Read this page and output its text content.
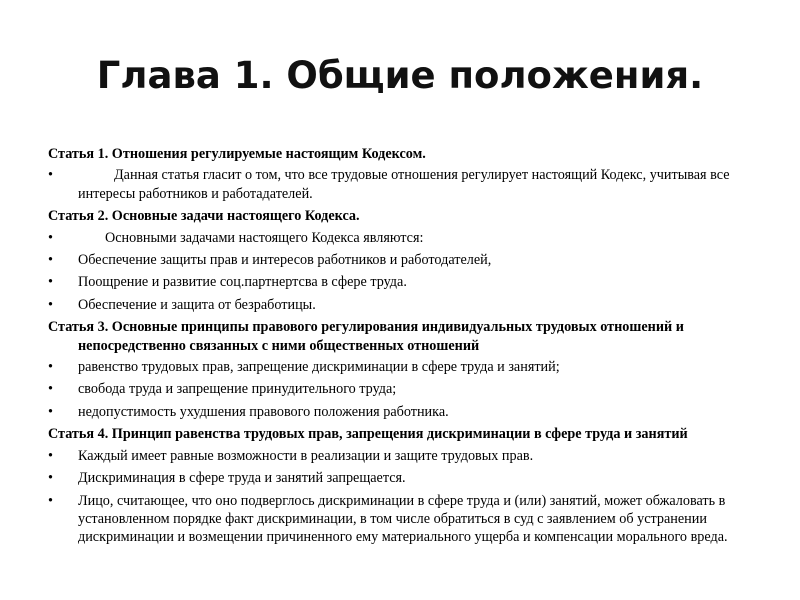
Глава 1. Общие положения.
Статья 1. Отношения регулируемые настоящим Кодексом.
•	Данная статья гласит о том, что все трудовые отношения регулирует настоящий Кодекс, учитывая все интересы работников и работадателей.
Статья 2. Основные задачи настоящего Кодекса.
•	Основными задачами настоящего Кодекса являются:
• Обеспечение защиты прав и интересов работников и работодателей,
• Поощрение и развитие соц.партнертсва в сфере труда.
• Обеспечение и защита от безработицы.
Статья 3. Основные принципы правового регулирования индивидуальных трудовых отношений и непосредственно связанных с ними общественных отношений
• равенство трудовых прав, запрещение дискриминации в сфере труда и занятий;
• свобода труда и запрещение принудительного труда;
• недопустимость ухудшения правового положения работника.
Статья 4. Принцип равенства трудовых прав, запрещения дискриминации в сфере труда и занятий
• Каждый имеет равные возможности в реализации и защите трудовых прав.
• Дискриминация в сфере труда и занятий запрещается.
• Лицо, считающее, что оно подверглось дискриминации в сфере труда и (или) занятий, может обжаловать в установленном порядке факт дискриминации, в том числе обратиться в суд с заявлением об устранении дискриминации и возмещении причиненного ему материального ущерба и компенсации морального вреда.
